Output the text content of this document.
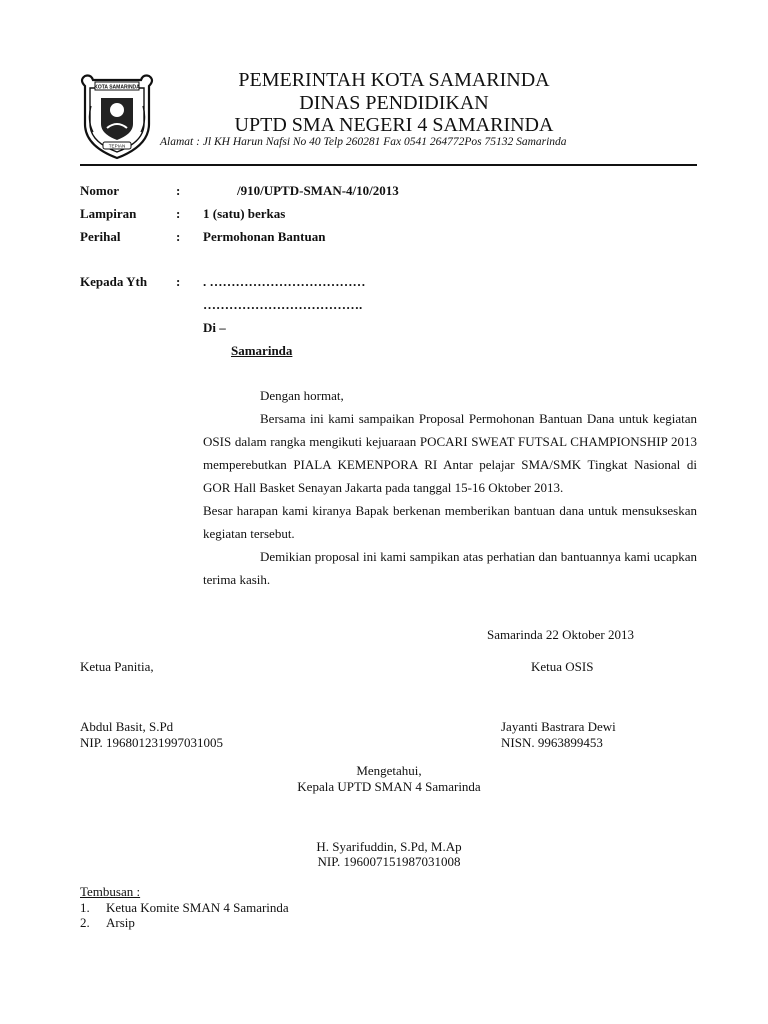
KOTA SAMARINDA
TEPIAN
PEMERINTAH KOTA SAMARINDA
DINAS PENDIDIKAN
UPTD SMA NEGERI 4 SAMARINDA
Alamat : Jl KH Harun Nafsi No 40 Telp 260281 Fax 0541 264772Pos 75132 Samarinda
Nomor	:	/910/UPTD-SMAN-4/10/2013
Lampiran	: 1 (satu) berkas
Perihal	: Permohonan Bantuan
Kepada Yth : . ………………………………
……………………………….
Di –
Samarinda

Dengan hormat,

Bersama ini kami sampaikan Proposal Permohonan Bantuan Dana untuk kegiatan OSIS dalam rangka mengikuti kejuaraan POCARI SWEAT FUTSAL CHAMPIONSHIP 2013 memperebutkan PIALA KEMENPORA RI Antar pelajar SMA/SMK Tingkat Nasional di GOR Hall Basket Senayan Jakarta pada tanggal 15-16 Oktober 2013.

Besar harapan kami kiranya Bapak berkenan memberikan bantuan dana untuk mensukseskan kegiatan tersebut.

Demikian proposal ini kami sampikan atas perhatian dan bantuannya kami ucapkan terima kasih.

Samarinda 22 Oktober 2013
Ketua Panitia,	Ketua OSIS
Abdul Basit, S.Pd
NIP. 196801231997031005
Jayanti Bastrara Dewi
NISN. 9963899453
Mengetahui,
Kepala UPTD SMAN 4 Samarinda
H. Syarifuddin, S.Pd, M.Ap
NIP. 196007151987031008
Tembusan :
1. Ketua Komite SMAN 4 Samarinda
2. Arsip
